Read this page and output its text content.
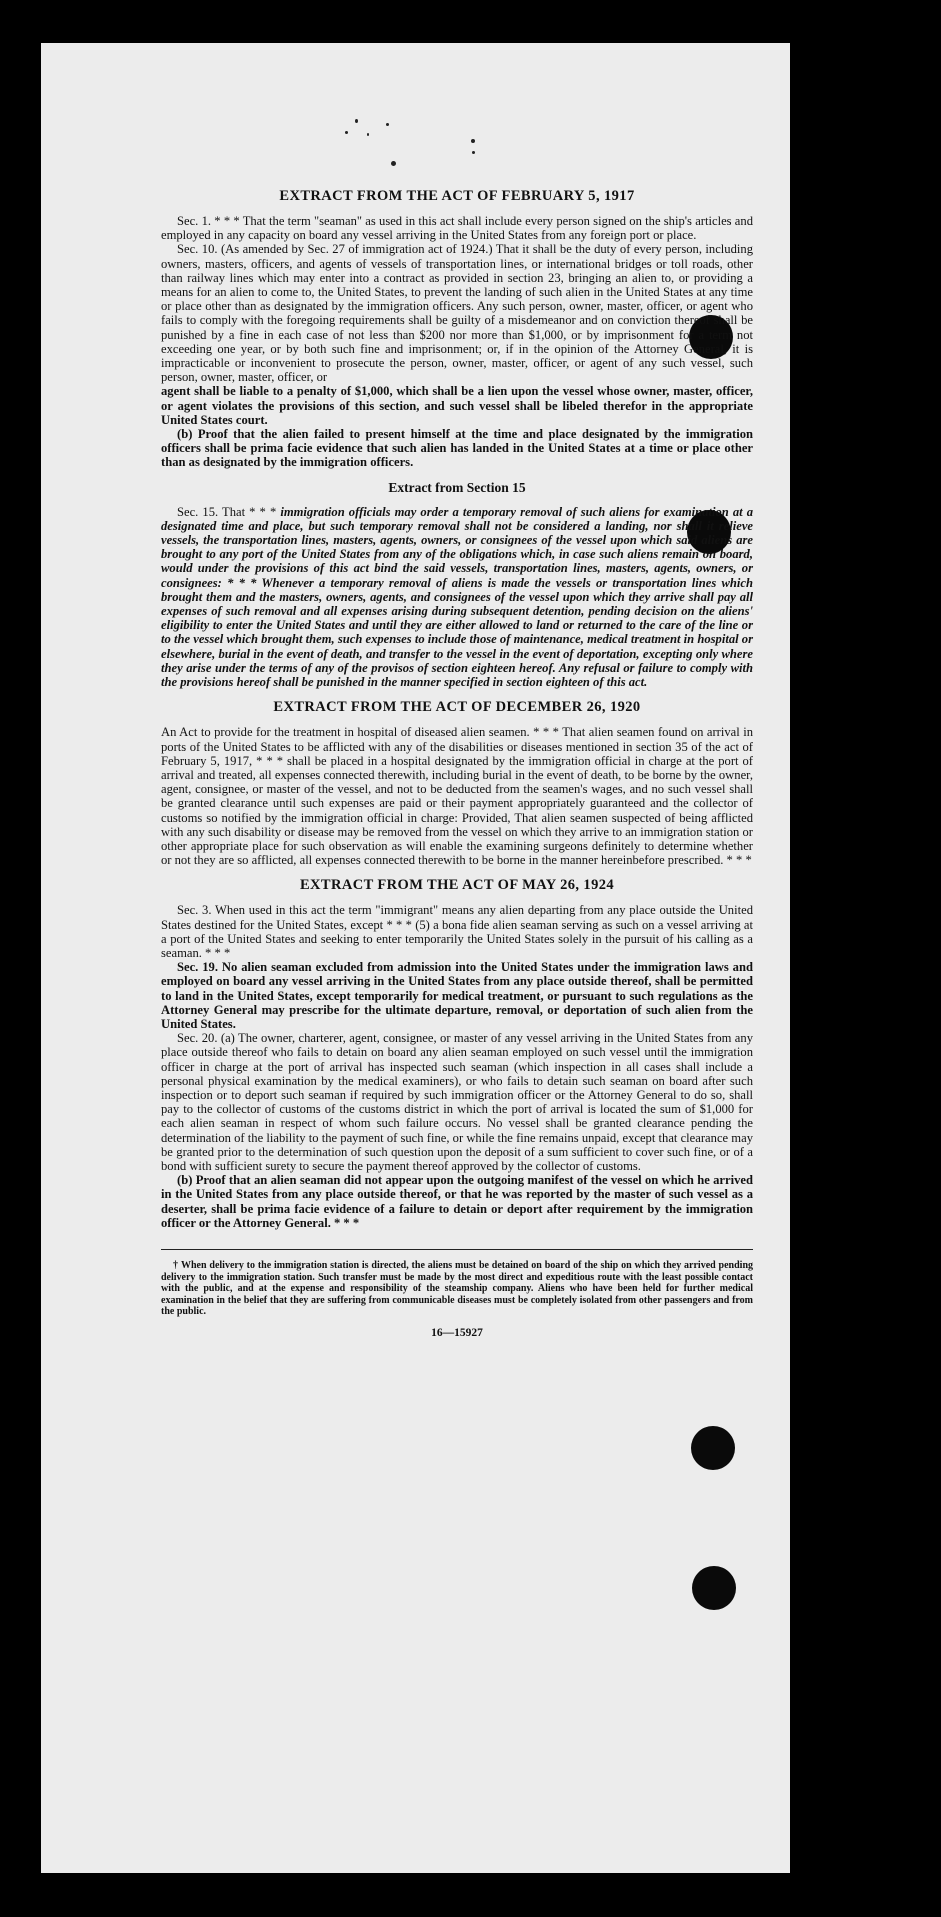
EXTRACT FROM THE ACT OF FEBRUARY 5, 1917

Sec. 1. * * * That the term "seaman" as used in this act shall include every person signed on the ship's articles and employed in any capacity on board any vessel arriving in the United States from any foreign port or place.

Sec. 10. (As amended by Sec. 27 of immigration act of 1924.) That it shall be the duty of every person, including owners, masters, officers, and agents of vessels of transportation lines, or international bridges or toll roads, other than railway lines which may enter into a contract as provided in section 23, bringing an alien to, or providing a means for an alien to come to, the United States, to prevent the landing of such alien in the United States at any time or place other than as designated by the immigration officers. Any such person, owner, master, officer, or agent who fails to comply with the foregoing requirements shall be guilty of a misdemeanor and on conviction thereof shall be punished by a fine in each case of not less than $200 nor more than $1,000, or by imprisonment for a term not exceeding one year, or by both such fine and imprisonment; or, if in the opinion of the Attorney General, it is impracticable or inconvenient to prosecute the person, owner, master, officer, or agent of any such vessel, such person, owner, master, officer, or

agent shall be liable to a penalty of $1,000, which shall be a lien upon the vessel whose owner, master, officer, or agent violates the provisions of this section, and such vessel shall be libeled therefor in the appropriate United States court.

(b) Proof that the alien failed to present himself at the time and place designated by the immigration officers shall be prima facie evidence that such alien has landed in the United States at a time or place other than as designated by the immigration officers.

Extract from Section 15

Sec. 15. That * * * immigration officials may order a temporary removal of such aliens for examination at a designated time and place, but such temporary removal shall not be considered a landing, nor shall it relieve vessels, the transportation lines, masters, agents, owners, or consignees of the vessel upon which said aliens are brought to any port of the United States from any of the obligations which, in case such aliens remain on board, would under the provisions of this act bind the said vessels, transportation lines, masters, agents, owners, or consignees: * * * Whenever a temporary removal of aliens is made the vessels or transportation lines which brought them and the masters, owners, agents, and consignees of the vessel upon which they arrive shall pay all expenses of such removal and all expenses arising during subsequent detention, pending decision on the aliens' eligibility to enter the United States and until they are either allowed to land or returned to the care of the line or to the vessel which brought them, such expenses to include those of maintenance, medical treatment in hospital or elsewhere, burial in the event of death, and transfer to the vessel in the event of deportation, excepting only where they arise under the terms of any of the provisos of section eighteen hereof. Any refusal or failure to comply with the provisions hereof shall be punished in the manner specified in section eighteen of this act.

EXTRACT FROM THE ACT OF DECEMBER 26, 1920

An Act to provide for the treatment in hospital of diseased alien seamen. * * * That alien seamen found on arrival in ports of the United States to be afflicted with any of the disabilities or diseases mentioned in section 35 of the act of February 5, 1917, * * * shall be placed in a hospital designated by the immigration official in charge at the port of arrival and treated, all expenses connected therewith, including burial in the event of death, to be borne by the owner, agent, consignee, or master of the vessel, and not to be deducted from the seamen's wages, and no such vessel shall be granted clearance until such expenses are paid or their payment appropriately guaranteed and the collector of customs so notified by the immigration official in charge: Provided, That alien seamen suspected of being afflicted with any such disability or disease may be removed from the vessel on which they arrive to an immigration station or other appropriate place for such observation as will enable the examining surgeons definitely to determine whether or not they are so afflicted, all expenses connected therewith to be borne in the manner hereinbefore prescribed. * * *

EXTRACT FROM THE ACT OF MAY 26, 1924

Sec. 3. When used in this act the term "immigrant" means any alien departing from any place outside the United States destined for the United States, except * * * (5) a bona fide alien seaman serving as such on a vessel arriving at a port of the United States and seeking to enter temporarily the United States solely in the pursuit of his calling as a seaman. * * *

Sec. 19. No alien seaman excluded from admission into the United States under the immigration laws and employed on board any vessel arriving in the United States from any place outside thereof, shall be permitted to land in the United States, except temporarily for medical treatment, or pursuant to such regulations as the Attorney General may prescribe for the ultimate departure, removal, or deportation of such alien from the United States.

Sec. 20. (a) The owner, charterer, agent, consignee, or master of any vessel arriving in the United States from any place outside thereof who fails to detain on board any alien seaman employed on such vessel until the immigration officer in charge at the port of arrival has inspected such seaman (which inspection in all cases shall include a personal physical examination by the medical examiners), or who fails to detain such seaman on board after such inspection or to deport such seaman if required by such immigration officer or the Attorney General to do so, shall pay to the collector of customs of the customs district in which the port of arrival is located the sum of $1,000 for each alien seaman in respect of whom such failure occurs. No vessel shall be granted clearance pending the determination of the liability to the payment of such fine, or while the fine remains unpaid, except that clearance may be granted prior to the determination of such question upon the deposit of a sum sufficient to cover such fine, or of a bond with sufficient surety to secure the payment thereof approved by the collector of customs.

(b) Proof that an alien seaman did not appear upon the outgoing manifest of the vessel on which he arrived in the United States from any place outside thereof, or that he was reported by the master of such vessel as a deserter, shall be prima facie evidence of a failure to detain or deport after requirement by the immigration officer or the Attorney General. * * *

† When delivery to the immigration station is directed, the aliens must be detained on board of the ship on which they arrived pending delivery to the immigration station. Such transfer must be made by the most direct and expeditious route with the least possible contact with the public, and at the expense and responsibility of the steamship company. Aliens who have been held for further medical examination in the belief that they are suffering from communicable diseases must be completely isolated from other passengers and from the public.

16—15927
